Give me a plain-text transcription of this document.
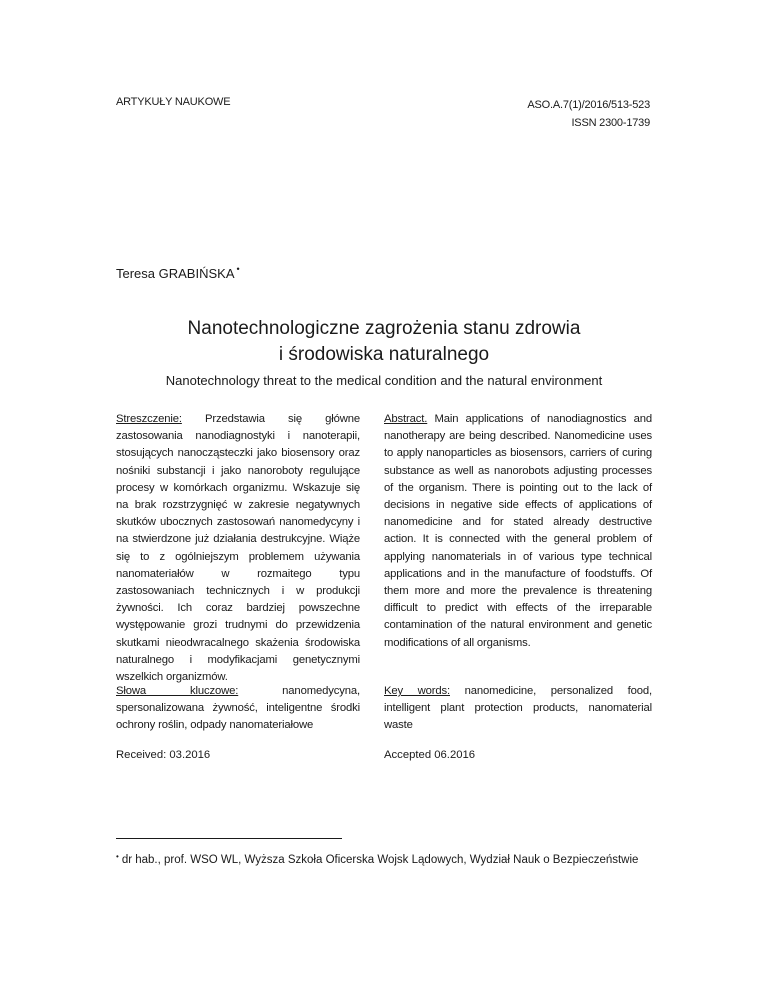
ARTYKUŁY NAUKOWE	ASO.A.7(1)/2016/513-523
ISSN 2300-1739
Teresa GRABIŃSKA •
Nanotechnologiczne zagrożenia stanu zdrowia
i środowiska naturalnego
Nanotechnology threat to the medical condition and the natural environment
Streszczenie: Przedstawia się główne zastosowania nanodiagnostyki i nanoterapii, stosujących nanocząsteczki jako biosensory oraz nośniki substancji i jako nanoroboty regulujące procesy w komórkach organizmu. Wskazuje się na brak rozstrzygnięć w zakresie negatywnych skutków ubocznych zastosowań nanomedycyny i na stwierdzone już działania destrukcyjne. Wiąże się to z ogólniejszym problemem używania nanomateriałów w rozmaitego typu zastosowaniach technicznych i w produkcji żywności. Ich coraz bardziej powszechne występowanie grozi trudnymi do przewidzenia skutkami nieodwracalnego skażenia środowiska naturalnego i modyfikacjami genetycznymi wszelkich organizmów.
Abstract. Main applications of nanodiagnostics and nanotherapy are being described. Nanomedicine uses to apply nanoparticles as biosensors, carriers of curing substance as well as nanorobots adjusting processes of the organism. There is pointing out to the lack of decisions in negative side effects of applications of nanomedicine and for stated already destructive action. It is connected with the general problem of applying nanomaterials in of various type technical applications and in the manufacture of foodstuffs. Of them more and more the prevalence is threatening difficult to predict with effects of the irreparable contamination of the natural environment and genetic modifications of all organisms.
Słowa kluczowe:	nanomedycyna, spersonalizowana żywność, inteligentne środki ochrony roślin, odpady nanomateriałowe
Key words: nanomedicine, personalized food, intelligent plant protection products, nanomaterial waste
Received: 03.2016	Accepted 06.2016
• dr hab., prof. WSO WL, Wyższa Szkoła Oficerska Wojsk Lądowych, Wydział Nauk o Bezpieczeństwie
